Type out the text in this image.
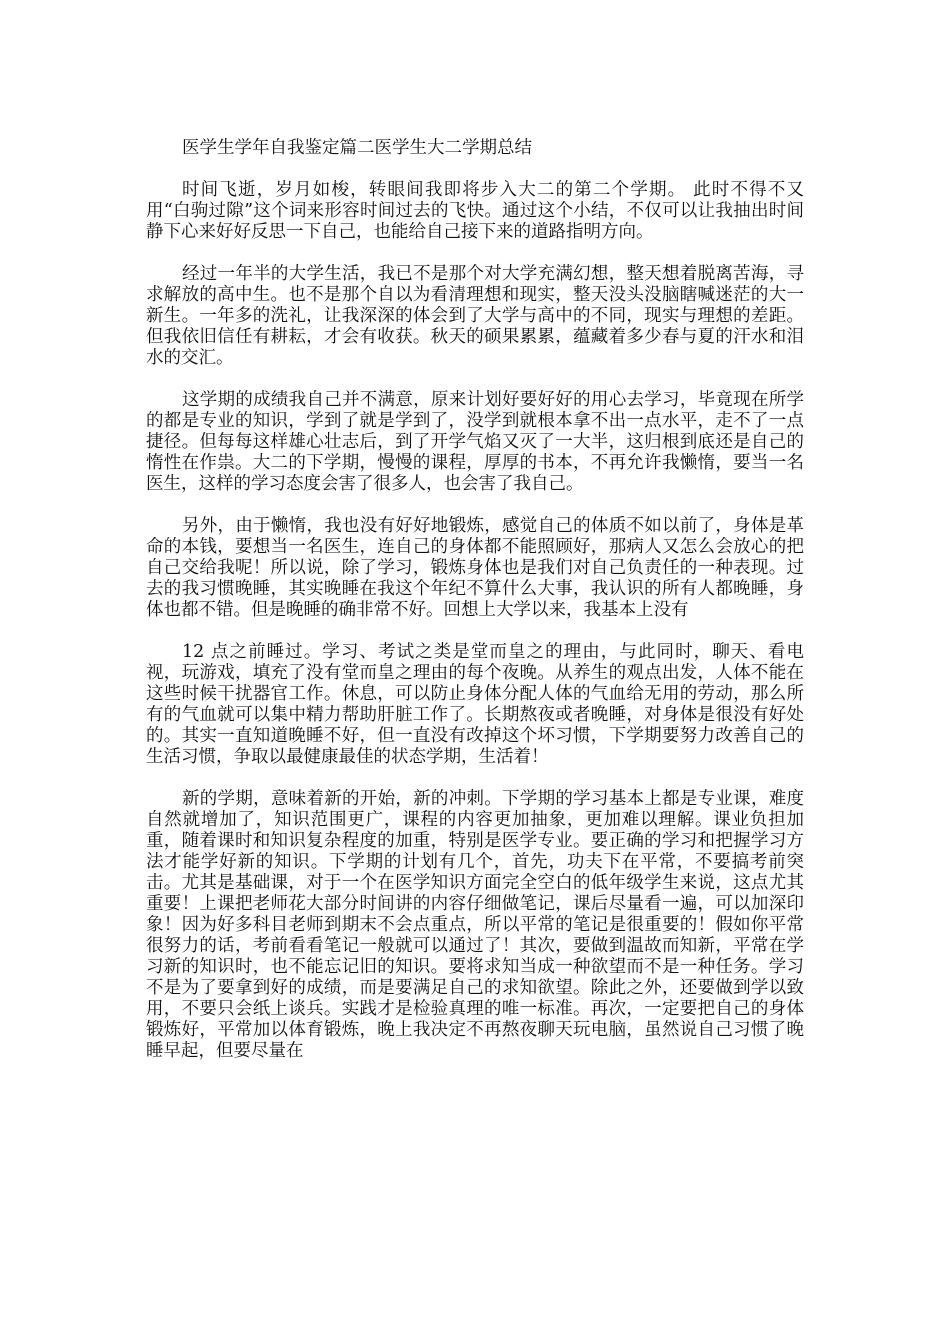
医学生学年自我鉴定篇二医学生大二学期总结

时间飞逝，岁月如梭，转眼间我即将步入大二的第二个学期。 此时不得不又用“白驹过隙”这个词来形容时间过去的飞快。通过这个小结，不仅可以让我抽出时间静下心来好好反思一下自己，也能给自己接下来的道路指明方向。

经过一年半的大学生活，我已不是那个对大学充满幻想，整天想着脱离苦海，寻求解放的高中生。也不是那个自以为看清理想和现实，整天没头没脑瞎喊迷茫的大一新生。一年多的洗礼，让我深深的体会到了大学与高中的不同，现实与理想的差距。但我依旧信任有耕耘，才会有收获。秋天的硕果累累，蕴藏着多少春与夏的汗水和泪水的交汇。

这学期的成绩我自己并不满意，原来计划好要好好的用心去学习，毕竟现在所学的都是专业的知识，学到了就是学到了，没学到就根本拿不出一点水平，走不了一点捷径。但每每这样雄心壮志后，到了开学气焰又灭了一大半，这归根到底还是自己的惰性在作祟。大二的下学期，慢慢的课程，厚厚的书本，不再允许我懒惰，要当一名医生，这样的学习态度会害了很多人，也会害了我自己。

另外，由于懒惰，我也没有好好地锻炼，感觉自己的体质不如以前了，身体是革命的本钱，要想当一名医生，连自己的身体都不能照顾好，那病人又怎么会放心的把自己交给我呢！所以说，除了学习，锻炼身体也是我们对自己负责任的一种表现。过去的我习惯晚睡，其实晚睡在我这个年纪不算什么大事，我认识的所有人都晚睡，身体也都不错。但是晚睡的确非常不好。回想上大学以来，我基本上没有

12 点之前睡过。学习、考试之类是堂而皇之的理由，与此同时，聊天、看电视，玩游戏，填充了没有堂而皇之理由的每个夜晚。从养生的观点出发，人体不能在这些时候干扰器官工作。休息，可以防止身体分配人体的气血给无用的劳动，那么所有的气血就可以集中精力帮助肝脏工作了。长期熬夜或者晚睡，对身体是很没有好处的。其实一直知道晚睡不好，但一直没有改掉这个坏习惯，下学期要努力改善自己的生活习惯，争取以最健康最佳的状态学期，生活着！

新的学期，意味着新的开始，新的冲刺。下学期的学习基本上都是专业课，难度自然就增加了，知识范围更广，课程的内容更加抽象，更加难以理解。课业负担加重，随着课时和知识复杂程度的加重，特别是医学专业。要正确的学习和把握学习方法才能学好新的知识。下学期的计划有几个，首先，功夫下在平常，不要搞考前突击。尤其是基础课，对于一个在医学知识方面完全空白的低年级学生来说，这点尤其重要！上课把老师花大部分时间讲的内容仔细做笔记，课后尽量看一遍，可以加深印象！因为好多科目老师到期末不会点重点，所以平常的笔记是很重要的！假如你平常很努力的话，考前看看笔记一般就可以通过了！其次，要做到温故而知新，平常在学习新的知识时，也不能忘记旧的知识。要将求知当成一种欲望而不是一种任务。学习不是为了要拿到好的成绩，而是要满足自己的求知欲望。除此之外，还要做到学以致用，不要只会纸上谈兵。实践才是检验真理的唯一标准。再次，一定要把自己的身体锻炼好，平常加以体育锻炼，晚上我决定不再熬夜聊天玩电脑，虽然说自己习惯了晚睡早起，但要尽量在
